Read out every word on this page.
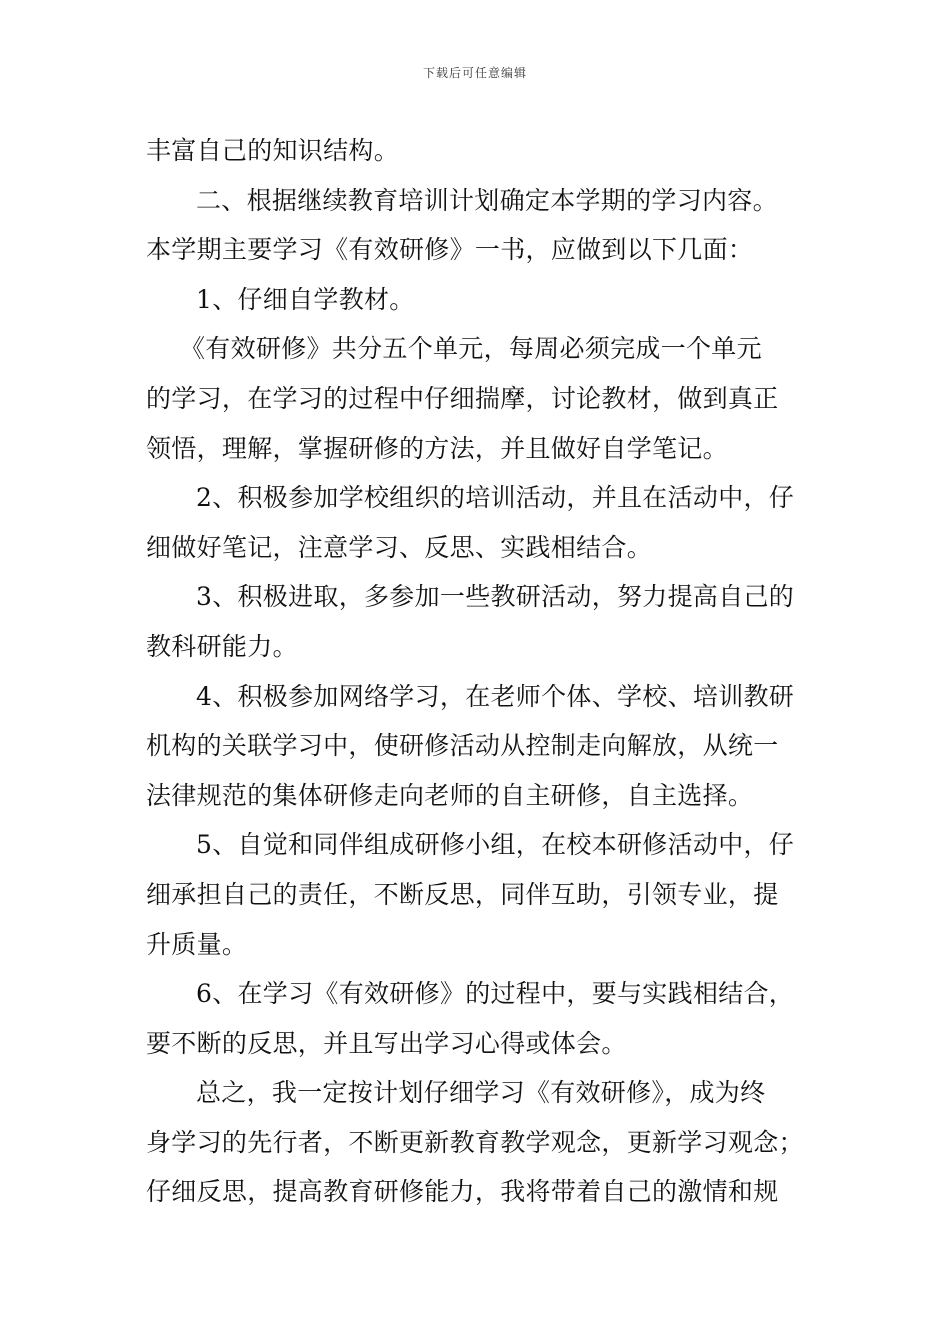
下载后可任意编辑
丰富自己的知识结构。
二、根据继续教育培训计划确定本学期的学习内容。
本学期主要学习《有效研修》一书，应做到以下几面：
1、仔细自学教材。
《有效研修》共分五个单元，每周必须完成一个单元
的学习，在学习的过程中仔细揣摩，讨论教材，做到真正
领悟，理解，掌握研修的方法，并且做好自学笔记。
2、积极参加学校组织的培训活动，并且在活动中，仔
细做好笔记，注意学习、反思、实践相结合。
3、积极进取，多参加一些教研活动，努力提高自己的
教科研能力。
4、积极参加网络学习，在老师个体、学校、培训教研
机构的关联学习中，使研修活动从控制走向解放，从统一
法律规范的集体研修走向老师的自主研修，自主选择。
5、自觉和同伴组成研修小组，在校本研修活动中，仔
细承担自己的责任，不断反思，同伴互助，引领专业，提
升质量。
6、在学习《有效研修》的过程中，要与实践相结合，
要不断的反思，并且写出学习心得或体会。
总之，我一定按计划仔细学习《有效研修》，成为终
身学习的先行者，不断更新教育教学观念，更新学习观念；
仔细反思，提高教育研修能力，我将带着自己的激情和规
